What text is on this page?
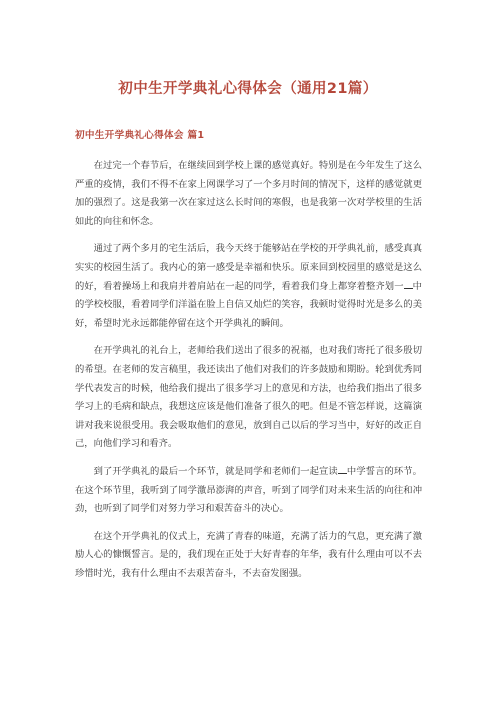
初中生开学典礼心得体会（通用21篇）
初中生开学典礼心得体会 篇1

在过完一个春节后，在继续回到学校上课的感觉真好。特别是在今年发生了这么严重的疫情，我们不得不在家上网课学习了一个多月时间的情况下，这样的感觉就更加的强烈了。这是我第一次在家过这么长时间的寒假，也是我第一次对学校里的生活如此的向往和怀念。

通过了两个多月的宅生活后，我今天终于能够站在学校的开学典礼前，感受真真实实的校园生活了。我内心的第一感受是幸福和快乐。原来回到校园里的感觉是这么的好，看着操场上和我肩并着肩站在一起的同学，看着我们身上都穿着整齐划一 中的学校校服，看着同学们洋溢在脸上自信又灿烂的笑容，我顿时觉得时光是多么的美好，希望时光永远都能停留在这个开学典礼的瞬间。

在开学典礼的礼台上，老师给我们送出了很多的祝福，也对我们寄托了很多殷切的希望。在老师的发言稿里，我还读出了他们对我们的许多鼓励和期盼。轮到优秀同学代表发言的时候，他给我们提出了很多学习上的意见和方法，也给我们指出了很多学习上的毛病和缺点，我想这应该是他们准备了很久的吧。但是不管怎样说，这篇演讲对我来说很受用。我会吸取他们的意见，放到自己以后的学习当中，好好的改正自己，向他们学习和看齐。

到了开学典礼的最后一个环节，就是同学和老师们一起宣读 中学誓言的环节。在这个环节里，我听到了同学激昂澎湃的声音，听到了同学们对未来生活的向往和冲劲，也听到了同学们对努力学习和艰苦奋斗的决心。

在这个开学典礼的仪式上，充满了青春的味道，充满了活力的气息，更充满了激励人心的慷慨誓言。是的，我们现在正处于大好青春的年华，我有什么理由可以不去珍惜时光，我有什么理由不去艰苦奋斗，不去奋发图强。
